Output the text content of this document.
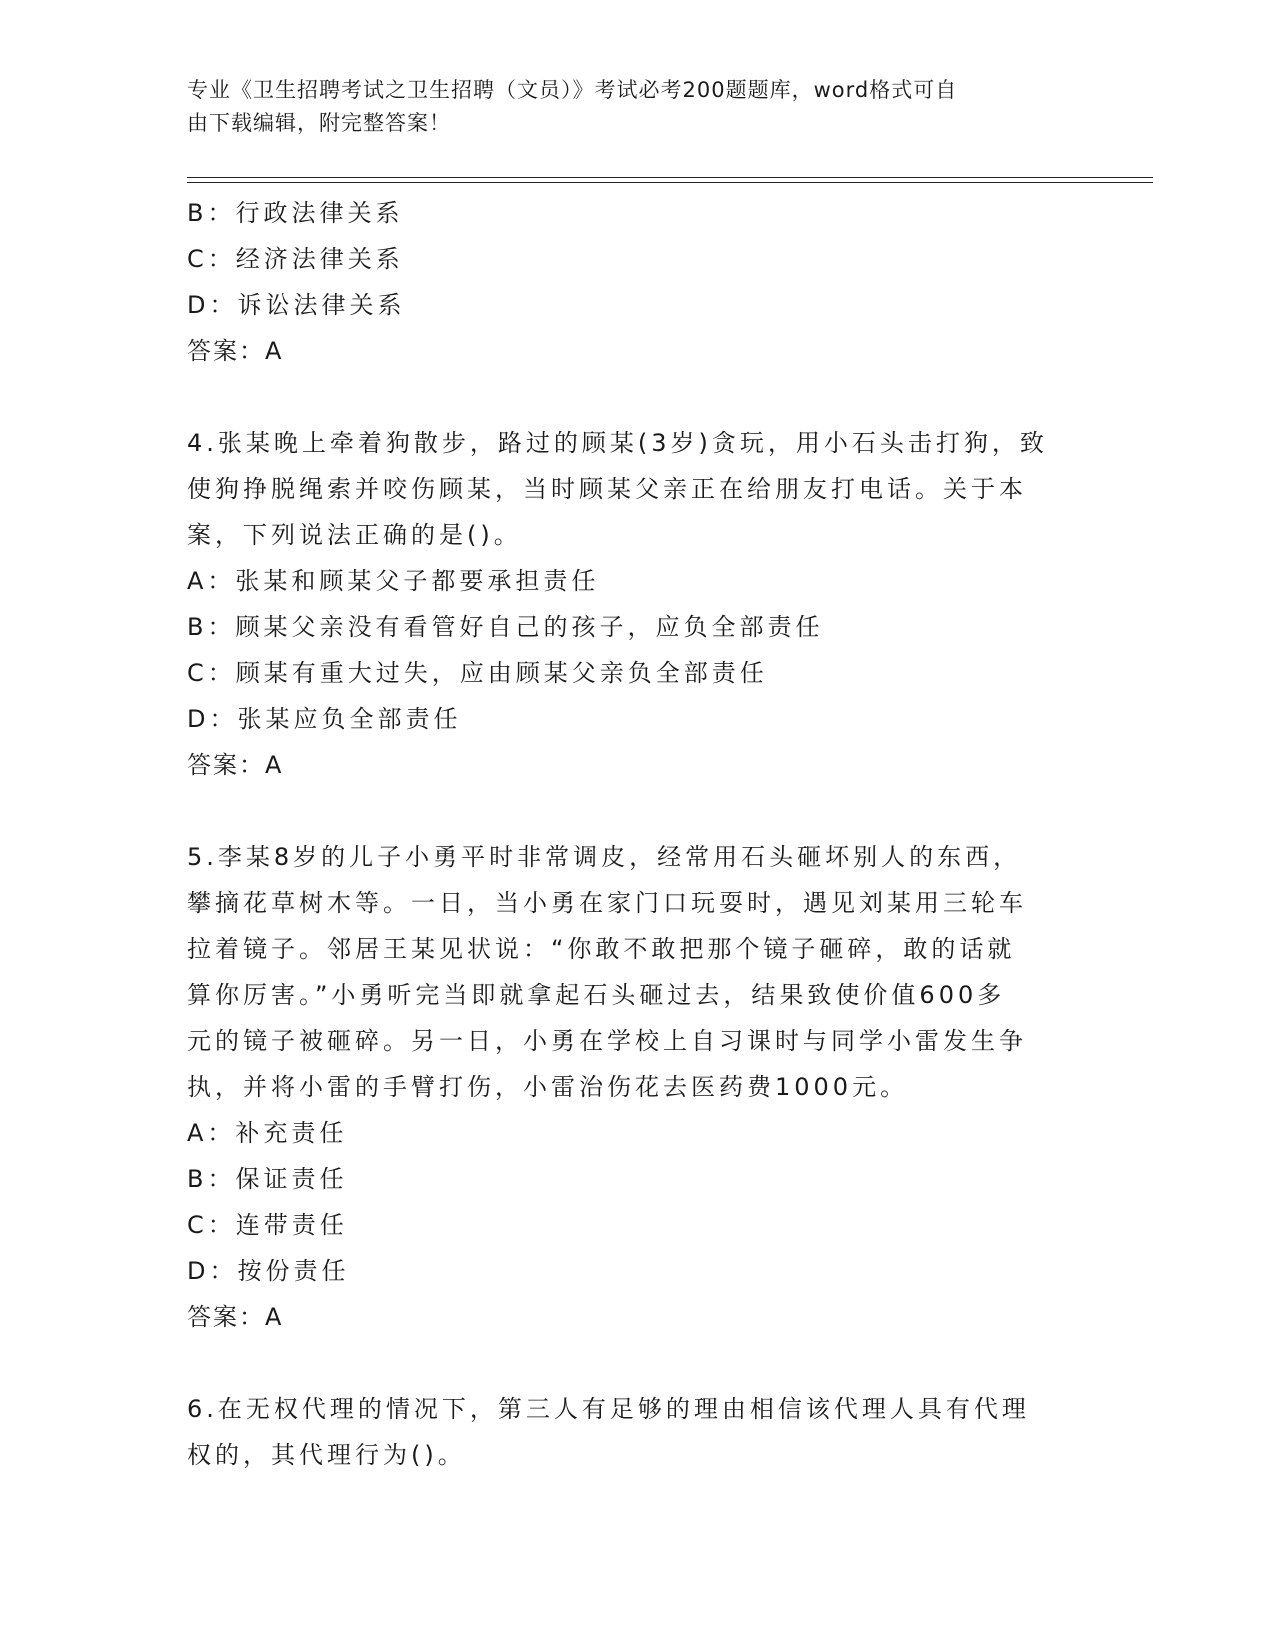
专业《卫生招聘考试之卫生招聘（文员）》考试必考200题题库，word格式可自
由下载编辑，附完整答案！
B：行政法律关系
C：经济法律关系
D：诉讼法律关系
答案：A
4.张某晚上牵着狗散步，路过的顾某(3岁)贪玩，用小石头击打狗，致
使狗挣脱绳索并咬伤顾某，当时顾某父亲正在给朋友打电话。关于本
案，下列说法正确的是()。
A：张某和顾某父子都要承担责任
B：顾某父亲没有看管好自己的孩子，应负全部责任
C：顾某有重大过失，应由顾某父亲负全部责任
D：张某应负全部责任
答案：A
5.李某8岁的儿子小勇平时非常调皮，经常用石头砸坏别人的东西，
攀摘花草树木等。一日，当小勇在家门口玩耍时，遇见刘某用三轮车
拉着镜子。邻居王某见状说：“你敢不敢把那个镜子砸碎，敢的话就
算你厉害。”小勇听完当即就拿起石头砸过去，结果致使价值600多
元的镜子被砸碎。另一日，小勇在学校上自习课时与同学小雷发生争
执，并将小雷的手臂打伤，小雷治伤花去医药费1000元。
A：补充责任
B：保证责任
C：连带责任
D：按份责任
答案：A
6.在无权代理的情况下，第三人有足够的理由相信该代理人具有代理
权的，其代理行为()。
